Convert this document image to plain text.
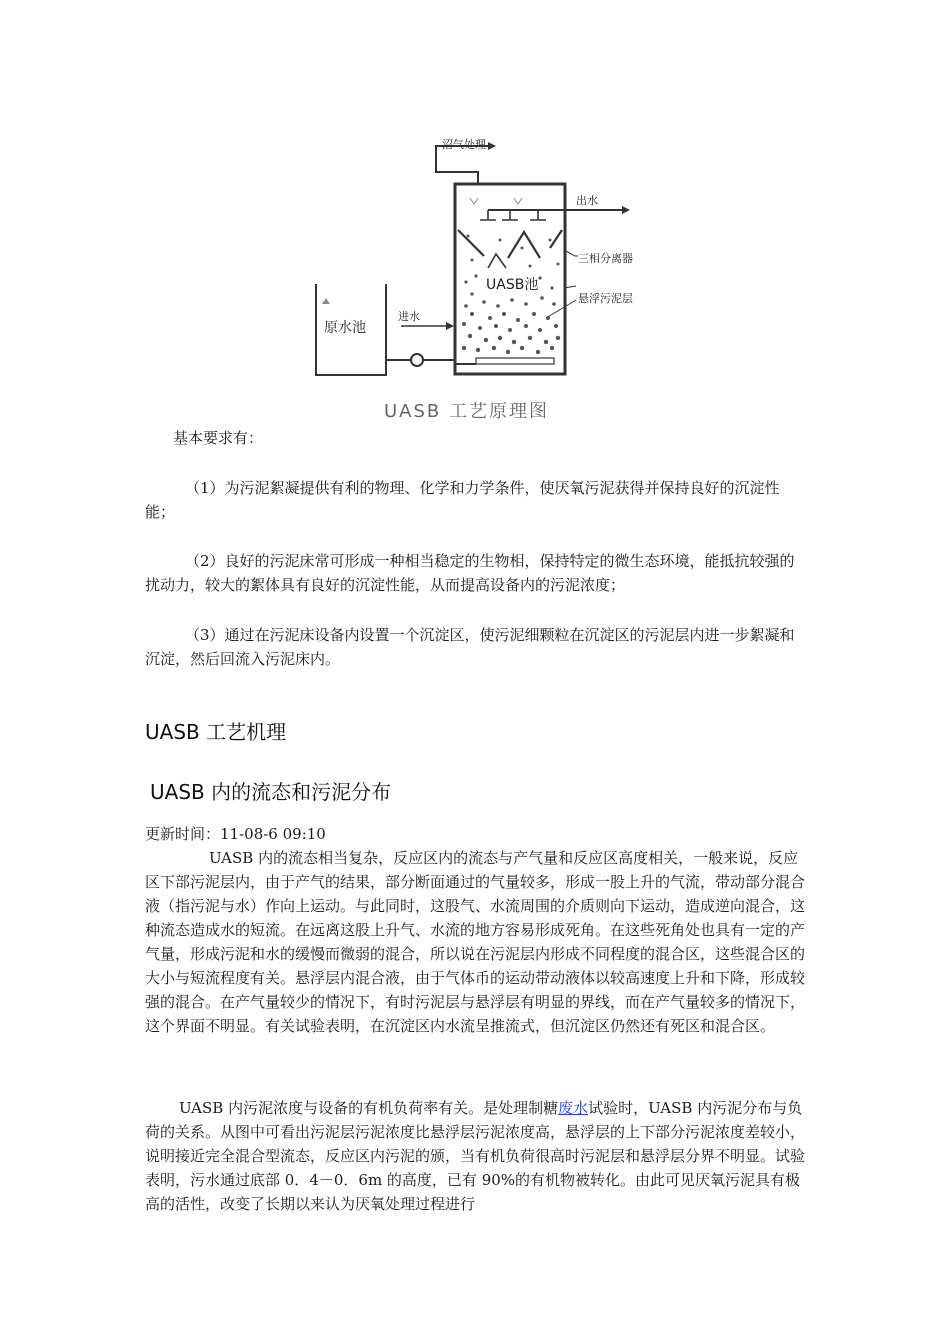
沼气处理
出水
三相分离器
UASB池
悬浮污泥层
原水池
进水
UASB 工艺原理图

基本要求有：

（1）为污泥絮凝提供有利的物理、化学和力学条件，使厌氧污泥获得并保持良好的沉淀性能；

（2）良好的污泥床常可形成一种相当稳定的生物相，保持特定的微生态环境，能抵抗较强的扰动力，较大的絮体具有良好的沉淀性能，从而提高设备内的污泥浓度；

（3）通过在污泥床设备内设置一个沉淀区，使污泥细颗粒在沉淀区的污泥层内进一步絮凝和沉淀，然后回流入污泥床内。

UASB 工艺机理
UASB 内的流态和污泥分布

更新时间：11-08-6 09:10

UASB 内的流态相当复杂，反应区内的流态与产气量和反应区高度相关，一般来说，反应区下部污泥层内，由于产气的结果，部分断面通过的气量较多，形成一股上升的气流，带动部分混合液（指污泥与水）作向上运动。与此同时，这股气、水流周围的介质则向下运动，造成逆向混合，这种流态造成水的短流。在远离这股上升气、水流的地方容易形成死角。在这些死角处也具有一定的产气量，形成污泥和水的缓慢而微弱的混合，所以说在污泥层内形成不同程度的混合区，这些混合区的大小与短流程度有关。悬浮层内混合液，由于气体币的运动带动液体以较高速度上升和下降，形成较强的混合。在产气量较少的情况下，有时污泥层与悬浮层有明显的界线，而在产气量较多的情况下，这个界面不明显。有关试验表明，在沉淀区内水流呈推流式，但沉淀区仍然还有死区和混合区。

UASB 内污泥浓度与设备的有机负荷率有关。是处理制糖废水试验时，UASB 内污泥分布与负荷的关系。从图中可看出污泥层污泥浓度比悬浮层污泥浓度高，悬浮层的上下部分污泥浓度差较小，说明接近完全混合型流态，反应区内污泥的颁，当有机负荷很高时污泥层和悬浮层分界不明显。试验表明，污水通过底部 0．4－0．6m 的高度，已有 90%的有机物被转化。由此可见厌氧污泥具有极高的活性，改变了长期以来认为厌氧处理过程进行
